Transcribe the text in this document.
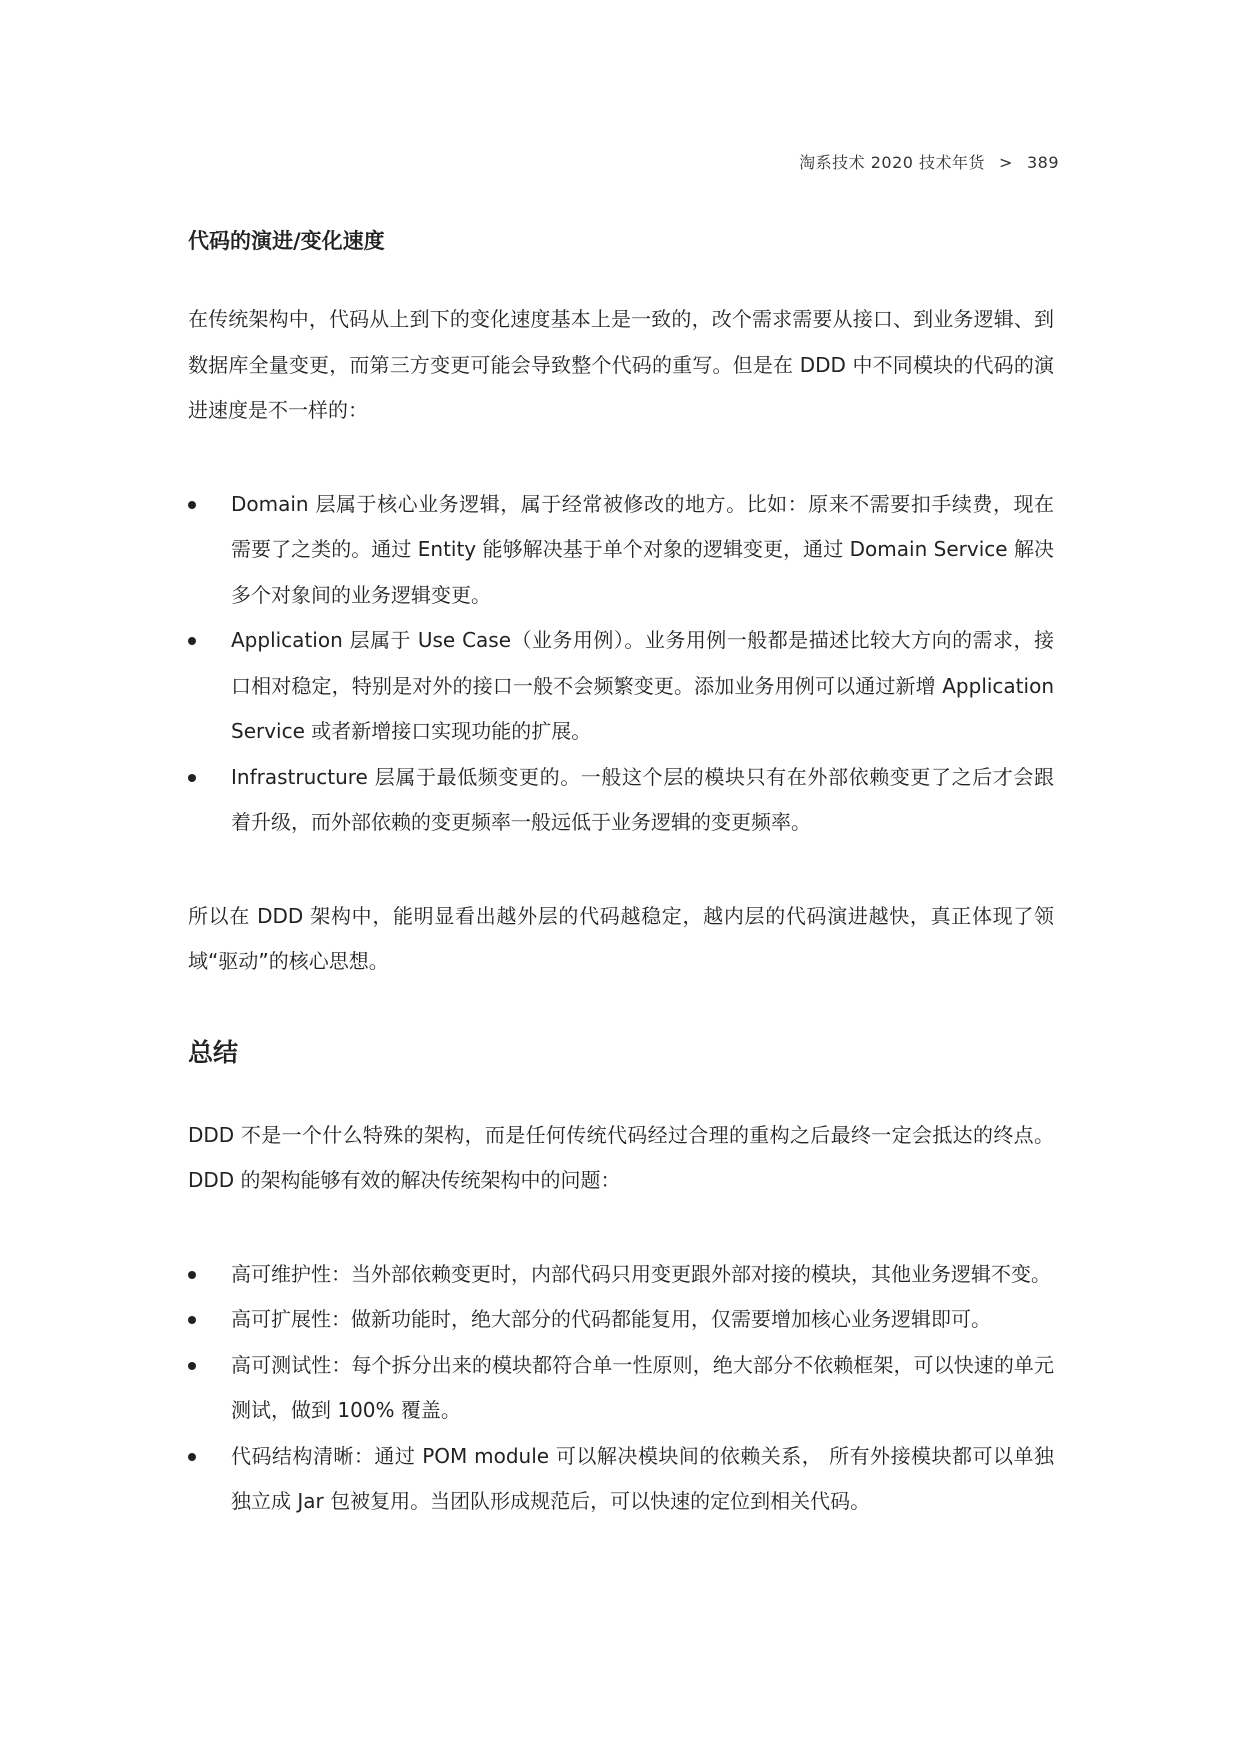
淘系技术 2020 技术年货 > 389
代码的演进/变化速度

在传统架构中，代码从上到下的变化速度基本上是一致的，改个需求需要从接口、到业务逻辑、到数据库全量变更，而第三方变更可能会导致整个代码的重写。但是在 DDD 中不同模块的代码的演进速度是不一样的：

Domain 层属于核心业务逻辑，属于经常被修改的地方。比如：原来不需要扣手续费，现在需要了之类的。通过 Entity 能够解决基于单个对象的逻辑变更，通过 Domain Service 解决多个对象间的业务逻辑变更。
Application 层属于 Use Case（业务用例）。业务用例一般都是描述比较大方向的需求，接口相对稳定，特别是对外的接口一般不会频繁变更。添加业务用例可以通过新增 Application Service 或者新增接口实现功能的扩展。
Infrastructure 层属于最低频变更的。一般这个层的模块只有在外部依赖变更了之后才会跟着升级，而外部依赖的变更频率一般远低于业务逻辑的变更频率。

所以在 DDD 架构中，能明显看出越外层的代码越稳定，越内层的代码演进越快，真正体现了领域“驱动”的核心思想。

总结

DDD 不是一个什么特殊的架构，而是任何传统代码经过合理的重构之后最终一定会抵达的终点。DDD 的架构能够有效的解决传统架构中的问题：

高可维护性：当外部依赖变更时，内部代码只用变更跟外部对接的模块，其他业务逻辑不变。
高可扩展性：做新功能时，绝大部分的代码都能复用，仅需要增加核心业务逻辑即可。
高可测试性：每个拆分出来的模块都符合单一性原则，绝大部分不依赖框架，可以快速的单元测试，做到 100% 覆盖。
代码结构清晰：通过 POM module 可以解决模块间的依赖关系， 所有外接模块都可以单独独立成 Jar 包被复用。当团队形成规范后，可以快速的定位到相关代码。
